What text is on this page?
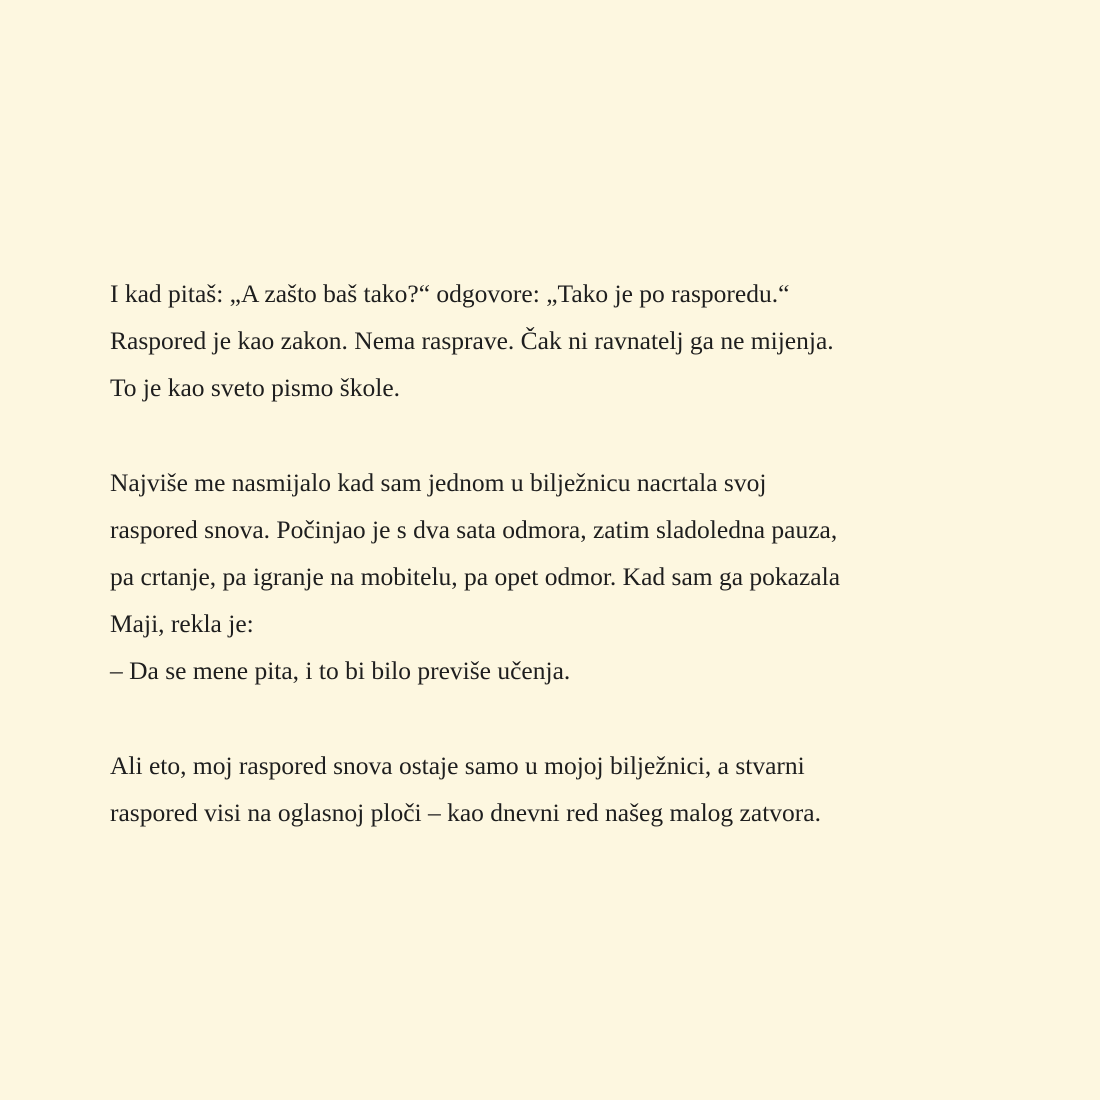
I kad pitaš: „A zašto baš tako?“ odgovore: „Tako je po rasporedu.“
Raspored je kao zakon. Nema rasprave. Čak ni ravnatelj ga ne mijenja.
To je kao sveto pismo škole.
Najviše me nasmijalo kad sam jednom u bilježnicu nacrtala svoj
raspored snova. Počinjao je s dva sata odmora, zatim sladoledna pauza,
pa crtanje, pa igranje na mobitelu, pa opet odmor. Kad sam ga pokazala
Maji, rekla je:
– Da se mene pita, i to bi bilo previše učenja.
Ali eto, moj raspored snova ostaje samo u mojoj bilježnici, a stvarni
raspored visi na oglasnoj ploči – kao dnevni red našeg malog zatvora.
